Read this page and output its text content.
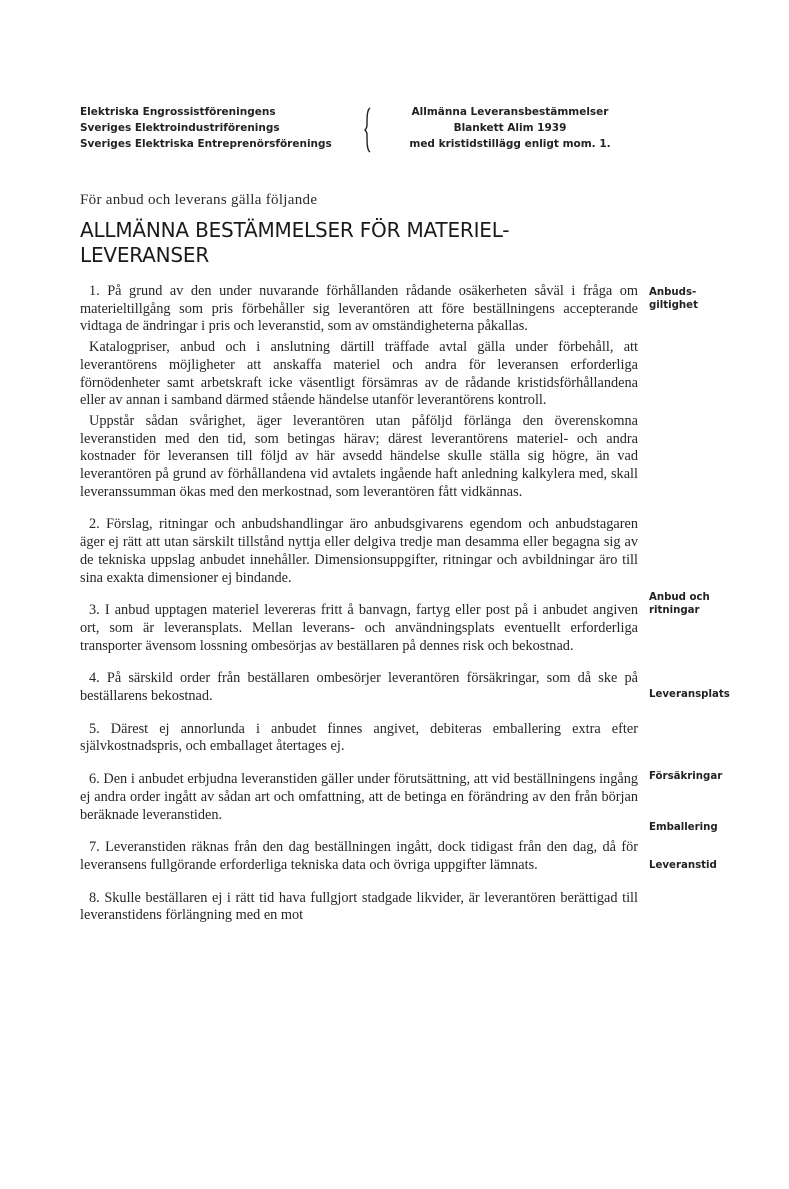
Elektriska Engrossistföreningens
Sveriges Elektroindustriförenings
Sveriges Elektriska Entreprenörsförenings
Allmänna Leveransbestämmelser
Blankett Alim 1939
med kristidstillägg enligt mom. 1.
För anbud och leverans gälla följande
ALLMÄNNA BESTÄMMELSER FÖR MATERIEL-LEVERANSER

1. På grund av den under nuvarande förhållanden rådande osäkerheten såväl i fråga om materieltillgång som pris förbehåller sig leverantören att före beställningens accepterande vidtaga de ändringar i pris och leveranstid, som av omständigheterna påkallas.

Katalogpriser, anbud och i anslutning därtill träffade avtal gälla under förbehåll, att leverantörens möjligheter att anskaffa materiel och andra för leveransen erforderliga förnödenheter samt arbetskraft icke väsentligt försämras av de rådande kristidsförhållandena eller av annan i samband därmed stående händelse utanför leverantörens kontroll.

Uppstår sådan svårighet, äger leverantören utan påföljd förlänga den överenskomna leveranstiden med den tid, som betingas härav; därest leverantörens materiel- och andra kostnader för leveransen till följd av här avsedd händelse skulle ställa sig högre, än vad leverantören på grund av förhållandena vid avtalets ingående haft anledning kalkylera med, skall leveranssumman ökas med den merkostnad, som leverantören fått vidkännas.

2. Förslag, ritningar och anbudshandlingar äro anbudsgivarens egendom och anbudstagaren äger ej rätt att utan särskilt tillstånd nyttja eller delgiva tredje man desamma eller begagna sig av de tekniska uppslag anbudet innehåller. Dimensionsuppgifter, ritningar och avbildningar äro till sina exakta dimensioner ej bindande.

3. I anbud upptagen materiel levereras fritt å banvagn, fartyg eller post på i anbudet angiven ort, som är leveransplats. Mellan leverans- och användningsplats eventuellt erforderliga transporter ävensom lossning ombesörjas av beställaren på dennes risk och bekostnad.

4. På särskild order från beställaren ombesörjer leverantören försäkringar, som då ske på beställarens bekostnad.

5. Därest ej annorlunda i anbudet finnes angivet, debiteras emballering extra efter självkostnadspris, och emballaget återtages ej.

6. Den i anbudet erbjudna leveranstiden gäller under förutsättning, att vid beställningens ingång ej andra order ingått av sådan art och omfattning, att de betinga en förändring av den från början beräknade leveranstiden.

7. Leveranstiden räknas från den dag beställningen ingått, dock tidigast från den dag, då för leveransens fullgörande erforderliga tekniska data och övriga uppgifter lämnats.

8. Skulle beställaren ej i rätt tid hava fullgjort stadgade likvider, är leverantören berättigad till leveranstidens förlängning med en mot

Anbuds-
giltighet
Anbud och
ritningar
Leveransplats
Försäkringar
Emballering
Leveranstid
